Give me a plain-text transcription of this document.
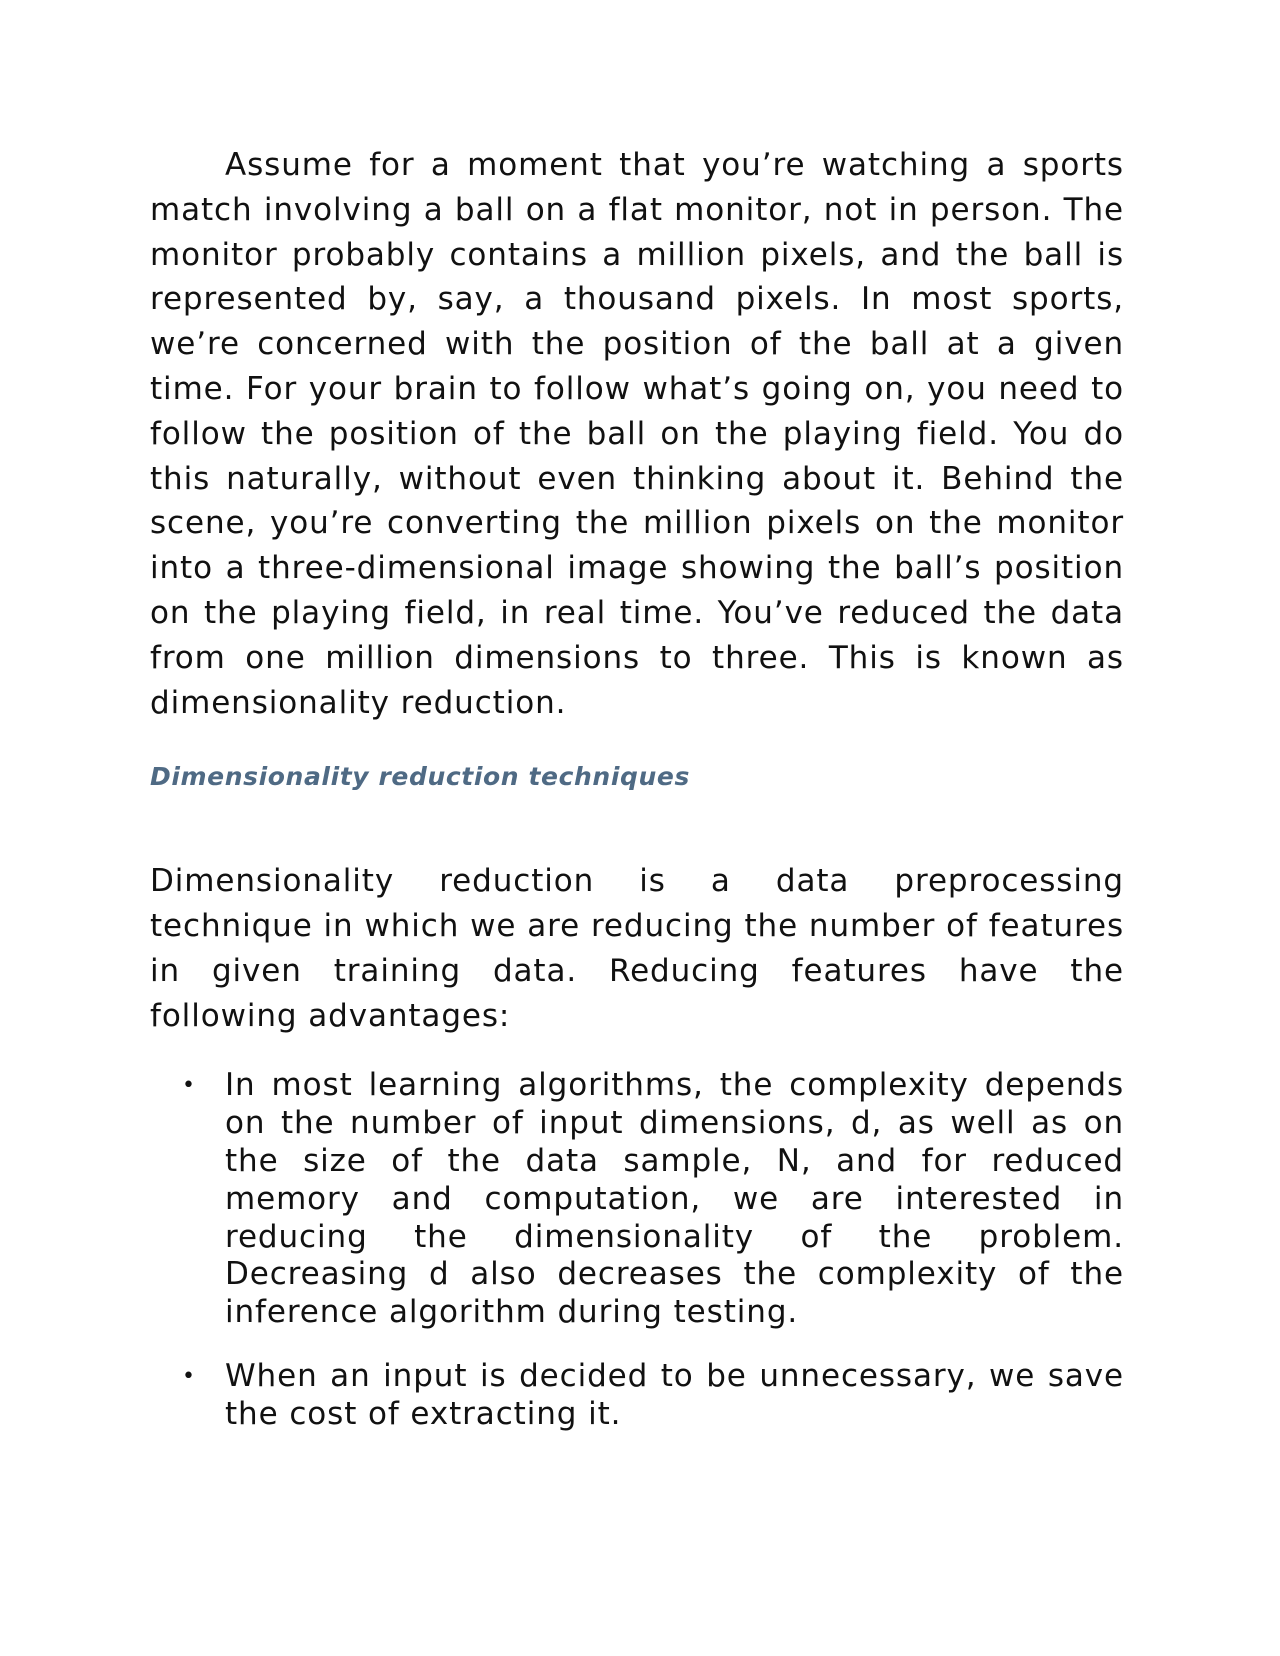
Assume for a moment that you’re watching a sports match involving a ball on a flat monitor, not in person. The monitor probably contains a million pixels, and the ball is represented by, say, a thousand pixels. In most sports, we’re concerned with the position of the ball at a given time. For your brain to follow what’s going on, you need to follow the position of the ball on the playing field. You do this naturally, without even thinking about it. Behind the scene, you’re converting the million pixels on the monitor into a three-dimensional image showing the ball’s position on the playing field, in real time. You’ve reduced the data from one million dimensions to three. This is known as dimensionality reduction.

Dimensionality reduction techniques

Dimensionality reduction is a data preprocessing technique in which we are reducing the number of features in given training data. Reducing features have the following advantages:

• In most learning algorithms, the complexity depends on the number of input dimensions, d, as well as on the size of the data sample, N, and for reduced memory and computation, we are interested in reducing the dimensionality of the problem. Decreasing d also decreases the complexity of the inference algorithm during testing.
• When an input is decided to be unnecessary, we save the cost of extracting it.
